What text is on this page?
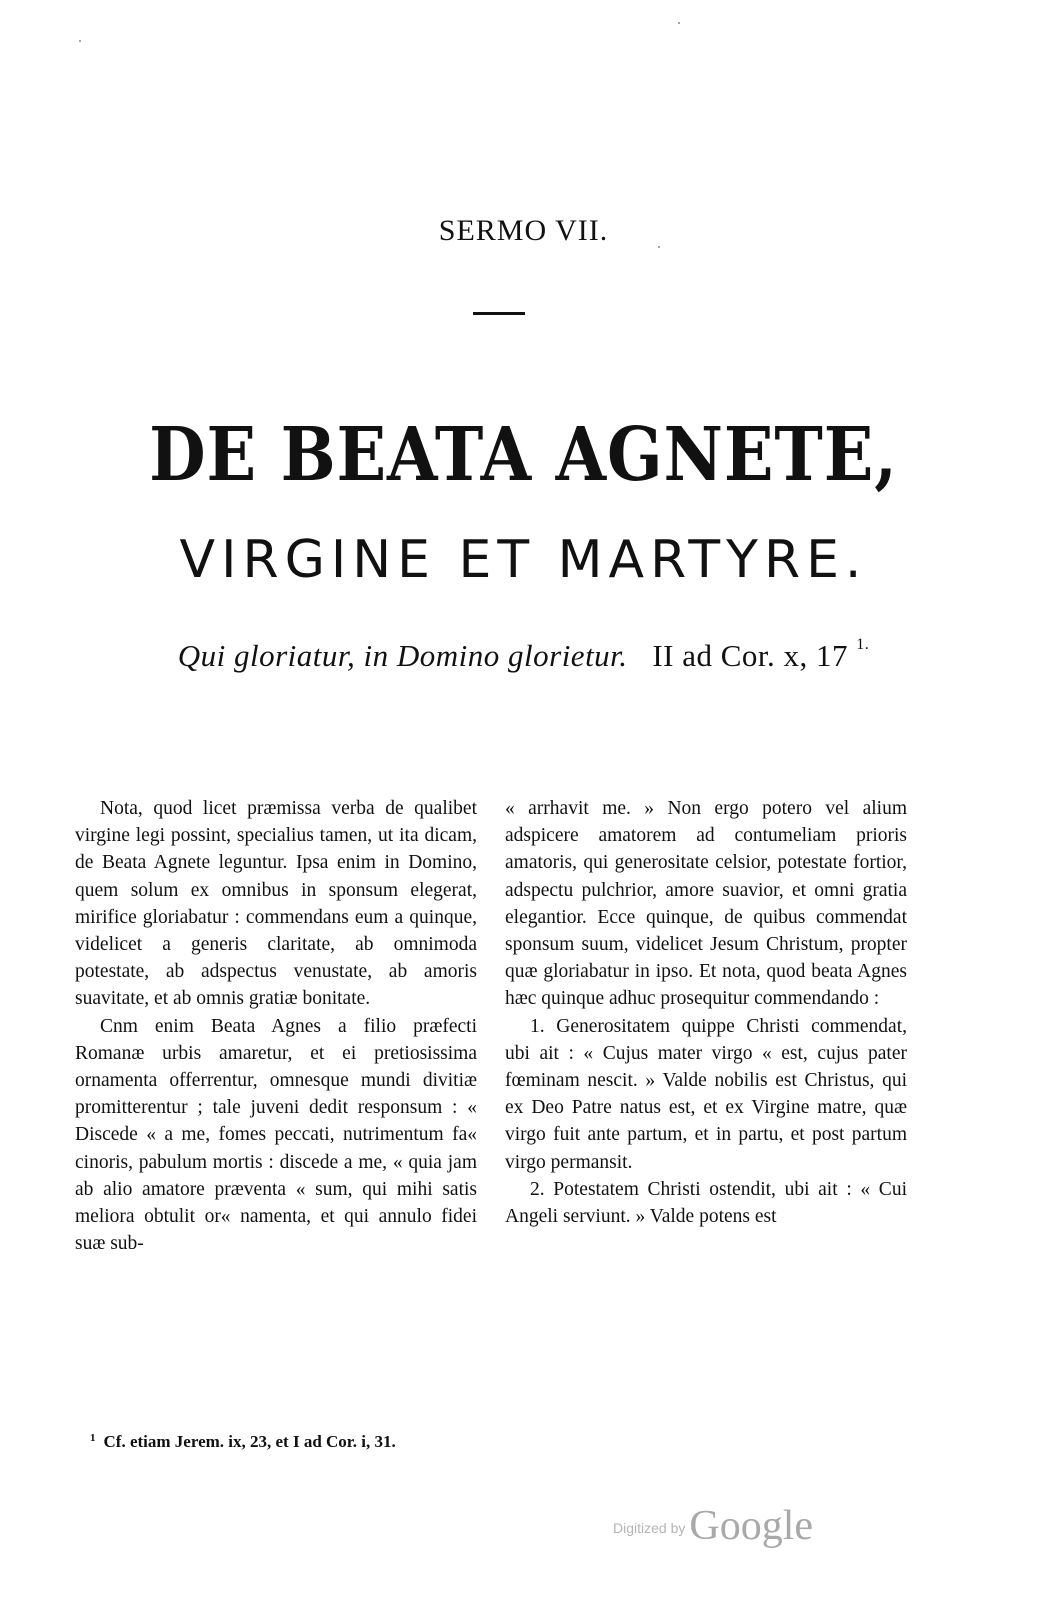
SERMO VII.
DE BEATA AGNETE,
VIRGINE ET MARTYRE.
Qui gloriatur, in Domino glorietur. II ad Cor. x, 17 $^{1.}$

Nota, quod licet præmissa verba de qualibet virgine legi possint, specialius tamen, ut ita dicam, de Beata Agnete leguntur. Ipsa enim in Domino, quem solum ex omnibus in sponsum elegerat, mirifice gloriabatur : commendans eum a quinque, videlicet a generis claritate, ab omnimoda potestate, ab adspectus venustate, ab amoris suavitate, et ab omnis gratiæ bonitate.

Cnm enim Beata Agnes a filio præfecti Romanæ urbis amaretur, et ei pretiosissima ornamenta offerrentur, omnesque mundi divitiæ promitterentur ; tale juveni dedit responsum : « Discede « a me, fomes peccati, nutrimentum fa« cinoris, pabulum mortis : discede a me, « quia jam ab alio amatore præventa « sum, qui mihi satis meliora obtulit or« namenta, et qui annulo fidei suæ sub-

« arrhavit me. » Non ergo potero vel alium adspicere amatorem ad contumeliam prioris amatoris, qui generositate celsior, potestate fortior, adspectu pulchrior, amore suavior, et omni gratia elegantior. Ecce quinque, de quibus commendat sponsum suum, videlicet Jesum Christum, propter quæ gloriabatur in ipso. Et nota, quod beata Agnes hæc quinque adhuc prosequitur commendando :

1. Generositatem quippe Christi commendat, ubi ait : « Cujus mater virgo « est, cujus pater fœminam nescit. » Valde nobilis est Christus, qui ex Deo Patre natus est, et ex Virgine matre, quæ virgo fuit ante partum, et in partu, et post partum virgo permansit.

2. Potestatem Christi ostendit, ubi ait : « Cui Angeli serviunt. » Valde potens est

$^1$ Cf. etiam Jerem. ix, 23, et I ad Cor. i, 31.
Digitized by Google
